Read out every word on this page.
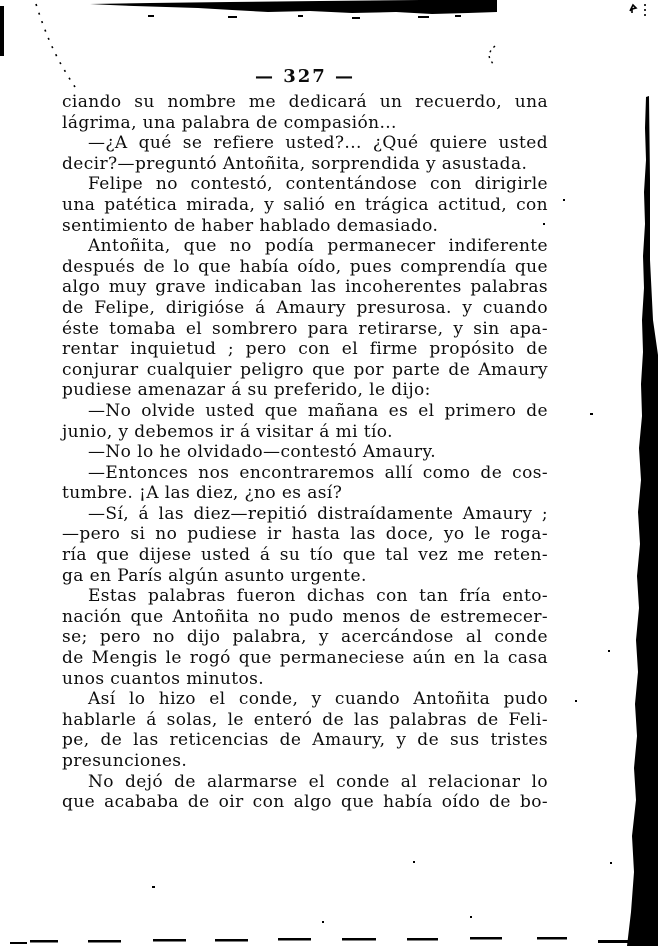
— 327 —
ciando su nombre me dedicará un recuerdo, una
lágrima, una palabra de compasión...
—¿A qué se refiere usted?... ¿Qué quiere usted
decir?—preguntó Antoñita, sorprendida y asustada.
Felipe no contestó, contentándose con dirigirle
una patética mirada, y salió en trágica actitud, con
sentimiento de haber hablado demasiado.
Antoñita, que no podía permanecer indiferente
después de lo que había oído, pues comprendía que
algo muy grave indicaban las incoherentes palabras
de Felipe, dirigióse á Amaury presurosa. y cuando
éste tomaba el sombrero para retirarse, y sin apa-
rentar inquietud ; pero con el firme propósito de
conjurar cualquier peligro que por parte de Amaury
pudiese amenazar á su preferido, le dijo:
—No olvide usted que mañana es el primero de
junio, y debemos ir á visitar á mi tío.
—No lo he olvidado—contestó Amaury.
—Entonces nos encontraremos allí como de cos-
tumbre. ¡A las diez, ¿no es así?
—Sí, á las diez—repitió distraídamente Amaury ;
—pero si no pudiese ir hasta las doce, yo le roga-
ría que dijese usted á su tío que tal vez me reten-
ga en París algún asunto urgente.
Estas palabras fueron dichas con tan fría ento-
nación que Antoñita no pudo menos de estremecer-
se; pero no dijo palabra, y acercándose al conde
de Mengis le rogó que permaneciese aún en la casa
unos cuantos minutos.
Así lo hizo el conde, y cuando Antoñita pudo
hablarle á solas, le enteró de las palabras de Feli-
pe, de las reticencias de Amaury, y de sus tristes
presunciones.
No dejó de alarmarse el conde al relacionar lo
que acababa de oir con algo que había oído de bo-
